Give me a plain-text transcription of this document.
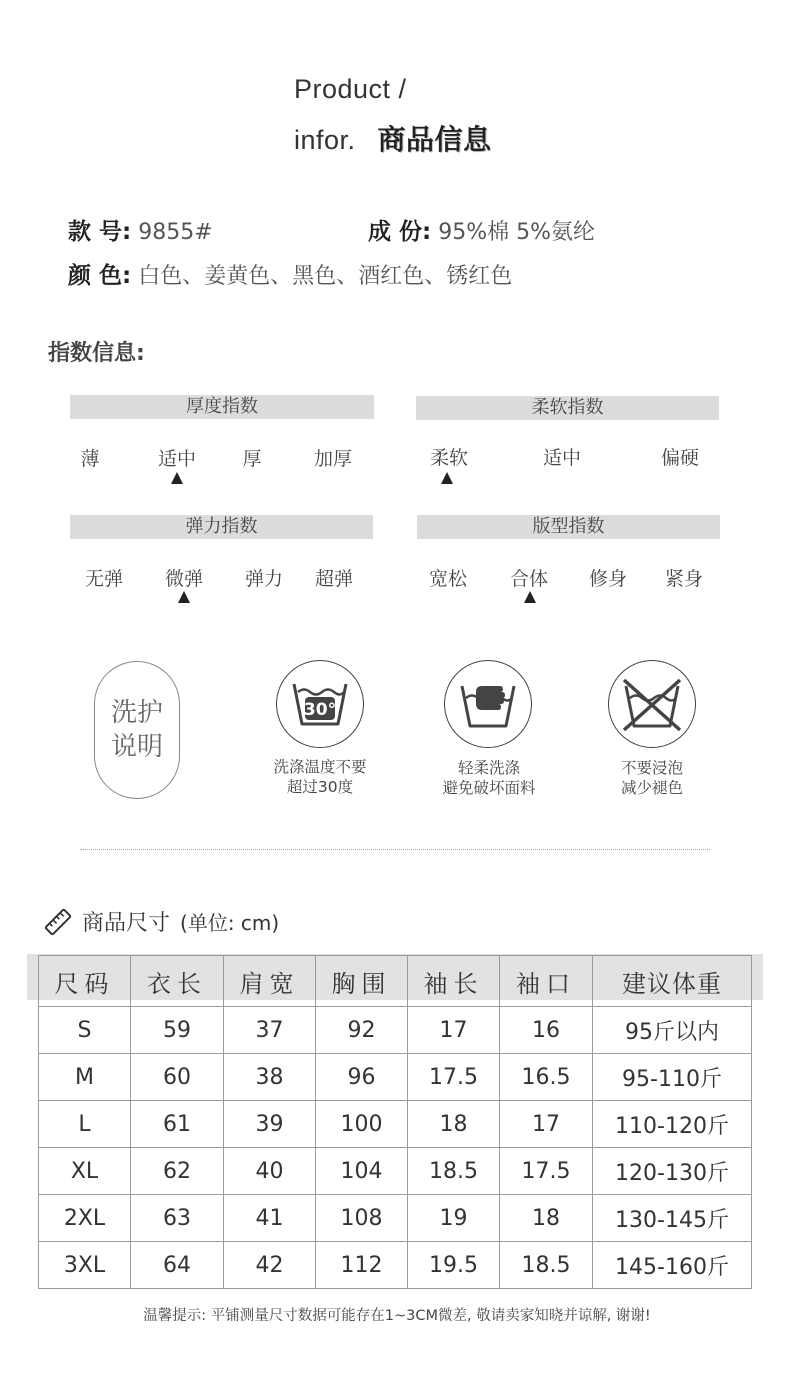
Product /
infor. 商品信息
款 号: 9855#	成 份: 95%棉 5%氨纶
颜 色: 白色、姜黄色、黑色、酒红色、锈红色
指数信息:
厚度指数
薄	适中 厚	加厚
柔软指数
柔软	适中	偏硬
弹力指数
无弹 微弹 弹力 超弹
版型指数
宽松 合体 修身 紧身
洗护
说明
30°
洗涤温度不要
超过30度
轻柔洗涤
避免破坏面料
不要浸泡
减少褪色
商品尺寸 (单位: cm)
尺码	衣长	肩宽	胸围	袖长	袖口	建议体重
S	59	37	92	17	16	95斤以内
M	60	38	96	17.5	16.5	95-110斤
L	61	39	100	18	17	110-120斤
XL	62	40	104	18.5	17.5	120-130斤
2XL	63	41	108	19	18	130-145斤
3XL	64	42	112	19.5	18.5	145-160斤
温馨提示: 平铺测量尺寸数据可能存在1~3CM微差, 敬请卖家知晓并谅解, 谢谢!
